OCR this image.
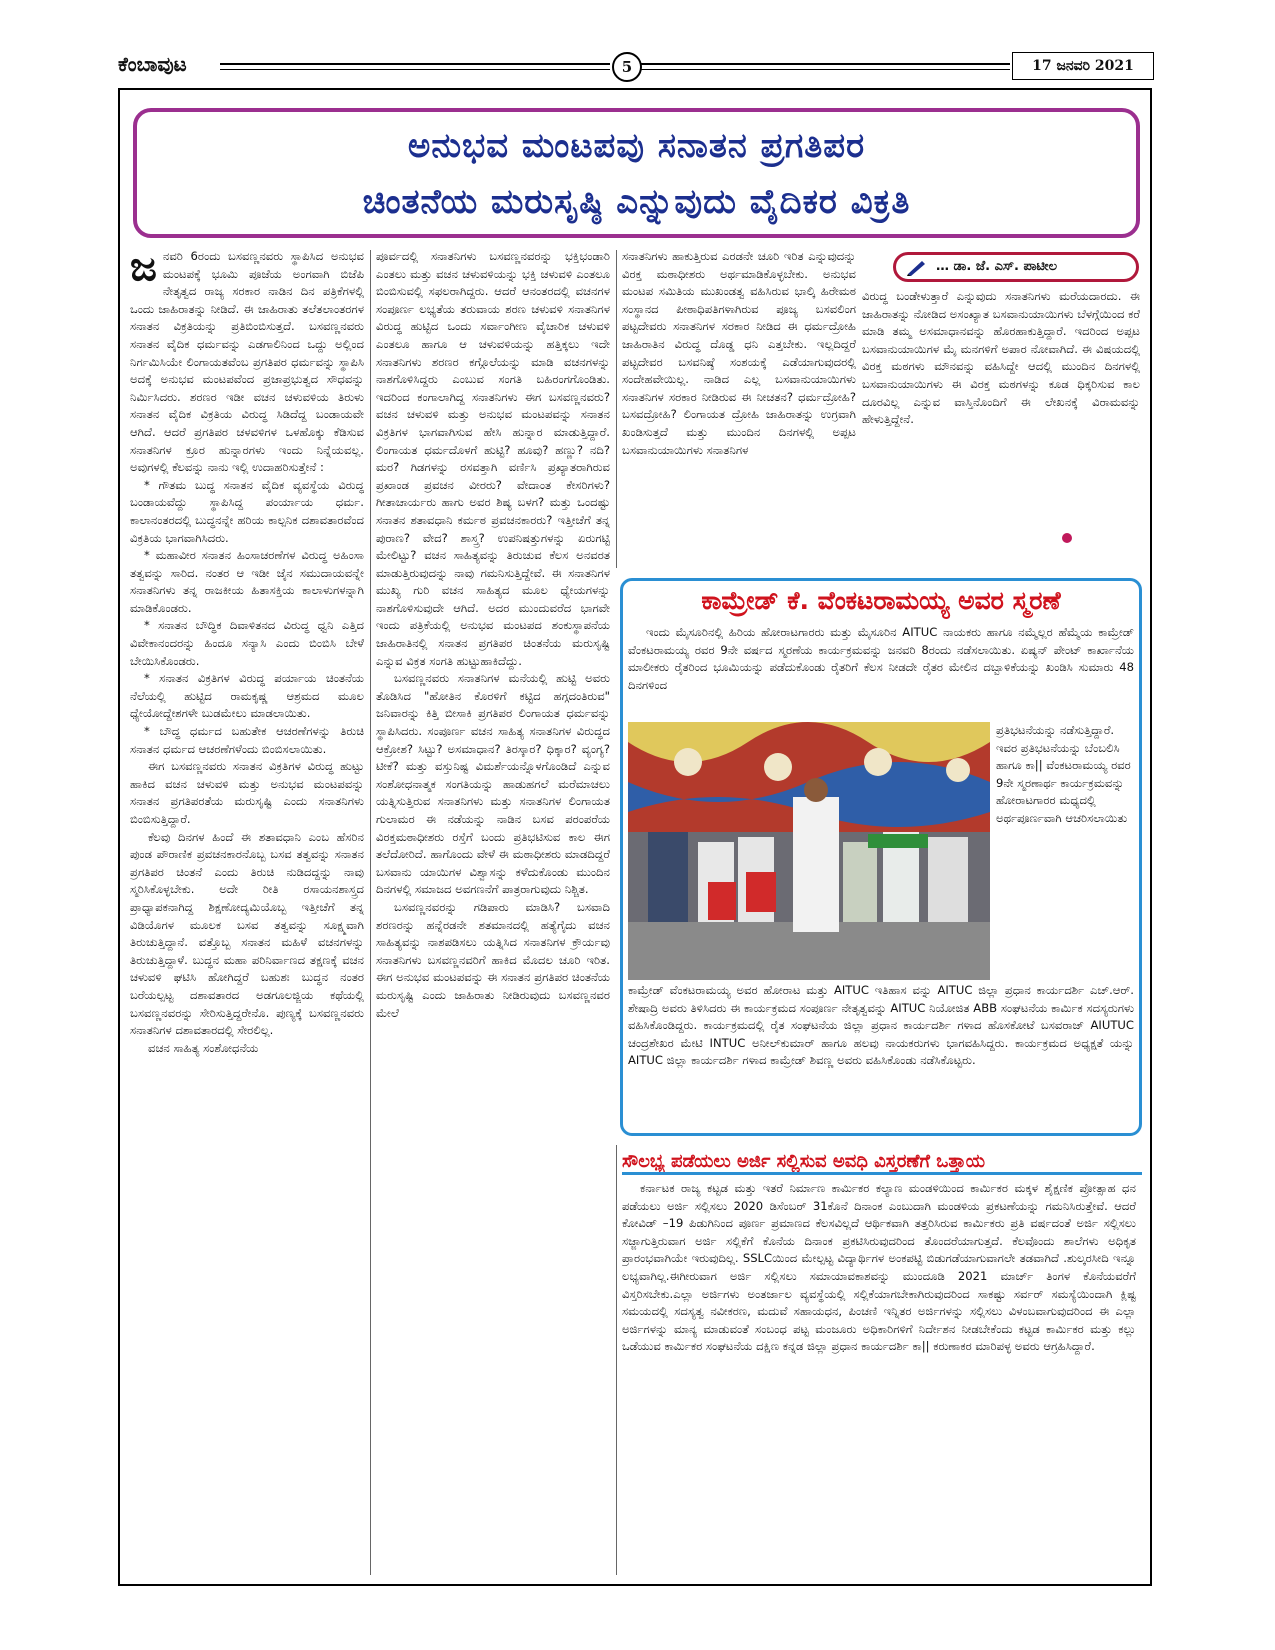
ಕೆಂಬಾವುಟ	5	17 ಜನವರಿ 2021
ಅನುಭವ ಮಂಟಪವು ಸನಾತನ ಪ್ರಗತಿಪರ
ಚಿಂತನೆಯ ಮರುಸೃಷ್ಠಿ ಎನ್ನುವುದು ವೈದಿಕರ ವಿಕ್ರತಿ
ಜ ನವರಿ 6ರಂದು ಬಸವಣ್ಣನವರು ಸ್ಥಾಪಿಸಿದ ಅನುಭವ ಮಂಟಪಕ್ಕೆ ಭೂಮಿ ಪೂಜೆಯ ಅಂಗವಾಗಿ ಬಿಜೆಪಿ ನೇತೃತ್ವದ ರಾಜ್ಯ ಸರಕಾರ ನಾಡಿನ ದಿನ ಪತ್ರಿಕೆಗಳಲ್ಲಿ ಒಂದು ಜಾಹಿರಾತನ್ನು ನೀಡಿದೆ. ಈ ಜಾಹಿರಾತು ತಲೆತಲಾಂತರಗಳ ಸನಾತನ ವಿಕ್ರತಿಯನ್ನು ಪ್ರತಿಬಿಂಬಿಸುತ್ತದೆ. ಬಸವಣ್ಣನವರು ಸನಾತನ ವೈದಿಕ ಧರ್ಮವನ್ನು ಎಡಗಾಲಿನಿಂದ ಒದ್ದು ಅಲ್ಲಿಂದ ನಿರ್ಗಮಿಸಿಯೇ ಲಿಂಗಾಯತವೆಂಬ ಪ್ರಗತಿಪರ ಧರ್ಮವನ್ನು ಸ್ಥಾಪಿಸಿ ಅದಕ್ಕೆ ಅನುಭವ ಮಂಟಪವೆಂದ ಪ್ರಜಾಪ್ರಭುತ್ವದ ಸೌಧವನ್ನು ನಿರ್ಮಿಸಿದರು. ಶರಣರ ಇಡೀ ವಚನ ಚಳುವಳಿಯ ತಿರುಳು ಸನಾತನ ವೈದಿಕ ವಿಕ್ರತಿಯ ವಿರುದ್ಧ ಸಿಡಿದೆದ್ದ ಬಂಡಾಯವೇ ಆಗಿದೆ. ಆದರೆ ಪ್ರಗತಿಪರ ಚಳವಳಿಗಳ ಒಳಹೊಕ್ಕು ಕೆಡಿಸುವ ಸನಾತನಿಗಳ ಕ್ರೂರ ಹುನ್ನಾರಗಳು ಇಂದು ನಿನ್ನೆಯವಲ್ಲ. ಅವುಗಳಲ್ಲಿ ಕೆಲವನ್ನು ನಾನು ಇಲ್ಲಿ ಉದಾಹರಿಸುತ್ತೇನೆ :

* ಗೌತಮ ಬುದ್ಧ ಸನಾತನ ವೈದಿಕ ವ್ಯವಸ್ಥೆಯ ವಿರುದ್ಧ ಬಂಡಾಯವೆದ್ದು ಸ್ಥಾಪಿಸಿದ್ದ ಪಂರ್ಯಾಯ ಧರ್ಮ. ಕಾಲಾನಂತರದಲ್ಲಿ ಬುದ್ಧನನ್ನೇ ಹರಿಯ ಕಾಲ್ಪನಿಕ ದಶಾವತಾರವೆಂದ ವಿಕ್ರತಿಯ ಭಾಗವಾಗಿಸಿದರು.

* ಮಹಾವೀರ ಸನಾತನ ಹಿಂಸಾಚರಣೆಗಳ ವಿರುದ್ಧ ಅಹಿಂಸಾ ತತ್ವವನ್ನು ಸಾರಿದ. ನಂತರ ಆ ಇಡೀ ಜೈನ ಸಮುದಾಯವನ್ನೇ ಸನಾತನಿಗಳು ತನ್ನ ರಾಜಕೀಯ ಹಿತಾಸಕ್ತಿಯ ಕಾಲಾಳುಗಳನ್ನಾಗಿ ಮಾಡಿಕೊಂಡರು.

* ಸನಾತನ ಬೌದ್ಧಿಕ ದಿವಾಳಿತನದ ವಿರುದ್ಧ ಧ್ವನಿ ಎತ್ತಿದ ವಿವೇಕಾನಂದರನ್ನು ಹಿಂದೂ ಸನ್ಯಾಸಿ ಎಂದು ಬಿಂಬಿಸಿ ಬೇಳೆ ಬೇಯಿಸಿಕೊಂಡರು.

* ಸನಾತನ ವಿಕ್ರತಿಗಳ ವಿರುದ್ಧ ಪರ್ಯಾಯ ಚಿಂತನೆಯ ನೆಲೆಯಲ್ಲಿ ಹುಟ್ಟಿದ ರಾಮಕೃಷ್ಣ ಆಶ್ರಮದ ಮೂಲ ಧ್ಯೇಯೋದ್ದೇಶಗಳೇ ಬುಡಮೇಲು ಮಾಡಲಾಯಿತು.

* ಬೌದ್ಧ ಧರ್ಮದ ಬಹುತೇಕ ಆಚರಣೆಗಳನ್ನು ತಿರುಚಿ ಸನಾತನ ಧರ್ಮದ ಆಚರಣೆಗಳೆಂದು ಬಿಂಬಿಸಲಾಯಿತು.

ಈಗ ಬಸವಣ್ಣನವರು ಸನಾತನ ವಿಕ್ರತಿಗಳ ವಿರುದ್ಧ ಹುಟ್ಟು ಹಾಕಿದ ವಚನ ಚಳುವಳಿ ಮತ್ತು ಅನುಭವ ಮಂಟಪವನ್ನು ಸನಾತನ ಪ್ರಗತಿಪರತೆಯ ಮರುಸೃಷ್ಟಿ ಎಂದು ಸನಾತನಿಗಳು ಬಿಂಬಿಸುತ್ತಿದ್ದಾರೆ.

ಕೆಲವು ದಿನಗಳ ಹಿಂದೆ ಈ ಶತಾವಧಾನಿ ಎಂಬ ಹೆಸರಿನ ಪುಂಡ ಪೌರಾಣಿಕ ಪ್ರವಚನಕಾರನೊಬ್ಬ ಬಸವ ತತ್ವವನ್ನು ಸನಾತನ ಪ್ರಗತಿಪರ ಚಿಂತನೆ ಎಂದು ತಿರುಚಿ ನುಡಿದದ್ದನ್ನು ನಾವು ಸ್ಮರಿಸಿಕೊಳ್ಳಬೇಕು. ಅದೇ ರೀತಿ ರಸಾಯನಶಾಸ್ತ್ರದ ಪ್ರಾಧ್ಯಾಪಕನಾಗಿದ್ದ ಶಿಕ್ಷಣೋದ್ಯಮಿಯೊಬ್ಬ ಇತ್ತೀಚೆಗೆ ತನ್ನ ವಿಡಿಯೊಗಳ ಮೂಲಕ ಬಸವ ತತ್ವವನ್ನು ಸೂಕ್ಷ್ಮವಾಗಿ ತಿರುಚುತ್ತಿದ್ದಾನೆ. ವತ್ತೊಬ್ಬ ಸನಾತನ ಮಹಿಳೆ ವಚನಗಳನ್ನು ತಿರುಚುತ್ತಿದ್ದಾಳೆ. ಬುದ್ಧನ ಮಹಾ ಪರಿನಿರ್ವಾಣದ ತಕ್ಷಣಕ್ಕೆ ವಚನ ಚಳುವಳಿ ಘಟಿಸಿ ಹೋಗಿದ್ದರೆ ಬಹುಶಃ ಬುದ್ಧನ ನಂತರ ಬರೆಯಲ್ಪಟ್ಟ ದಶಾವತಾರದ ಅಡಗೂಲಜ್ಜಿಯ ಕಥೆಯಲ್ಲಿ ಬಸವಣ್ಣನವರನ್ನು ಸೇರಿಸುತ್ತಿದ್ದರೇನೊ. ಪುಣ್ಯಕ್ಕೆ ಬಸವಣ್ಣನವರು ಸನಾತನಿಗಳ ದಶಾವತಾರದಲ್ಲಿ ಸೇರಲಿಲ್ಲ.

ವಚನ ಸಾಹಿತ್ಯ ಸಂಶೋಧನೆಯ

ಪೂರ್ವದಲ್ಲಿ ಸನಾತನಿಗಳು ಬಸವಣ್ಣನವರನ್ನು ಭಕ್ತಿಭಂಡಾರಿ ಎಂತಲು ಮತ್ತು ವಚನ ಚಳುವಳಿಯನ್ನು ಭಕ್ತಿ ಚಳುವಳಿ ಎಂತಲೂ ಬಿಂಬಿಸುವಲ್ಲಿ ಸಫಲರಾಗಿದ್ದರು. ಆದರೆ ಆನಂತರದಲ್ಲಿ ವಚನಗಳ ಸಂಪೂರ್ಣ ಲಭ್ಯತೆಯ ತರುವಾಯ ಶರಣ ಚಳುವಳಿ ಸನಾತನಿಗಳ ವಿರುದ್ಧ ಹುಟ್ಟಿದ ಒಂದು ಸರ್ವಾಂಗೀಣ ವೈಚಾರಿಕ ಚಳುವಳಿ ಎಂತಲೂ ಹಾಗೂ ಆ ಚಳುವಳಿಯನ್ನು ಹತ್ತಿಕ್ಕಲು ಇದೇ ಸನಾತನಿಗಳು ಶರಣರ ಕಗ್ಗೊಲೆಯನ್ನು ಮಾಡಿ ವಚನಗಳನ್ನು ನಾಶಗೊಳಿಸಿದ್ದರು ಎಂಬುವ ಸಂಗತಿ ಬಹಿರಂಗಗೊಂಡಿತು. ಇದರಿಂದ ಕಂಗಾಲಾಗಿದ್ದ ಸನಾತನಿಗಳು ಈಗ ಬಸವಣ್ಣನವರು? ವಚನ ಚಳುವಳಿ ಮತ್ತು ಅನುಭವ ಮಂಟಪವನ್ನು ಸನಾತನ ವಿಕ್ರತಿಗಳ ಭಾಗವಾಗಿಸುವ ಹೇಸಿ ಹುನ್ನಾರ ಮಾಡುತ್ತಿದ್ದಾರೆ. ಲಿಂಗಾಯತ ಧರ್ಮದೊಳಗೆ ಹುಟ್ಟಿ? ಹೂವು? ಹಣ್ಣು? ನದಿ? ಮರ? ಗಿಡಗಳನ್ನು ರಸವತ್ತಾಗಿ ವರ್ಣಿಸಿ ಪ್ರಖ್ಯಾತರಾಗಿರುವ ಪ್ರಖಾಂಡ ಪ್ರವಚನ ವೀರರು? ವೇದಾಂತ ಕೇಸರಿಗಳು? ಗೀತಾಚಾರ್ಯರು ಹಾಗು ಅವರ ಶಿಷ್ಯ ಬಳಗ? ಮತ್ತು ಒಂದಷ್ಟು ಸನಾತನ ಶತಾವಧಾನಿ ಕರ್ಮಠ ಪ್ರವಚನಕಾರರು? ಇತ್ತೀಚೆಗೆ ತನ್ನ ಪುರಾಣ? ವೇದ? ಶಾಸ್ತ್ರ? ಉಪನಿಷತ್ತುಗಳನ್ನು ಏರುಗಟ್ಟಿ ಮೇಲಿಟ್ಟು? ವಚನ ಸಾಹಿತ್ಯವನ್ನು ತಿರುಚುವ ಕೆಲಸ ಅನವರತ ಮಾಡುತ್ತಿರುವುದನ್ನು ನಾವು ಗಮನಿಸುತ್ತಿದ್ದೇವೆ. ಈ ಸನಾತನಿಗಳ ಮುಖ್ಯ ಗುರಿ ವಚನ ಸಾಹಿತ್ಯದ ಮೂಲ ಧ್ಯೇಯಗಳನ್ನು ನಾಶಗೊಳಿಸುವುದೇ ಆಗಿದೆ. ಅದರ ಮುಂದುವರೆದ ಭಾಗವೇ ಇಂದು ಪತ್ರಿಕೆಯಲ್ಲಿ ಅನುಭವ ಮಂಟಪದ ಶಂಕುಸ್ಥಾಪನೆಯ ಜಾಹಿರಾತಿನಲ್ಲಿ ಸನಾತನ ಪ್ರಗತಿಪರ ಚಿಂತನೆಯ ಮರುಸೃಷ್ಟಿ ಎನ್ನುವ ವಿಕ್ರತ ಸಂಗತಿ ಹುಟ್ಟುಹಾಕಿದೆದ್ದು.

ಬಸವಣ್ಣನವರು ಸನಾತನಿಗಳ ಮನೆಯಲ್ಲಿ ಹುಟ್ಟಿ ಅವರು ತೊಡಿಸಿದ "ಹೋತಿನ ಕೊರಳಿಗೆ ಕಟ್ಟಿದ ಹಗ್ಗದಂತಿರುವ" ಜನಿವಾರನ್ನು ಕಿತ್ತಿ ಬೀಸಾಕಿ ಪ್ರಗತಿಪರ ಲಿಂಗಾಯತ ಧರ್ಮವನ್ನು ಸ್ಥಾಪಿಸಿದರು. ಸಂಪೂರ್ಣ ವಚನ ಸಾಹಿತ್ಯ ಸನಾತನಿಗಳ ವಿರುದ್ಧದ ಆಕ್ರೋಶ? ಸಿಟ್ಟು? ಅಸಮಾಧಾನ? ತಿರಸ್ಕಾರ? ಧಿಕ್ಕಾರ? ವ್ಯಂಗ್ಯ? ಟೀಕೆ? ಮತ್ತು ವಸ್ತುನಿಷ್ಟ ವಿಮರ್ಶೆಯನ್ನೊಳಗೊಂಡಿದೆ ಎನ್ನುವ ಸಂಶೋಧನಾತ್ಮಕ ಸಂಗತಿಯನ್ನು ಹಾಡುಹಗಲೆ ಮರೆಮಾಚಲು ಯತ್ನಿಸುತ್ತಿರುವ ಸನಾತನಿಗಳು ಮತ್ತು ಸನಾತನಿಗಳ ಲಿಂಗಾಯತ ಗುಲಾಮರ ಈ ನಡೆಯನ್ನು ನಾಡಿನ ಬಸವ ಪರಂಪರೆಯ ವಿರಕ್ತಮಠಾಧೀಶರು ರಸ್ತೆಗೆ ಬಂದು ಪ್ರತಿಭಟಿಸುವ ಕಾಲ ಈಗ ತಲೆದೋರಿದೆ. ಹಾಗೊಂದು ವೇಳೆ ಈ ಮಠಾಧೀಶರು ಮಾಡದಿದ್ದರೆ ಬಸವಾನು ಯಾಯಿಗಳ ವಿಶ್ವಾಸನ್ನು ಕಳೆದುಕೊಂಡು ಮುಂದಿನ ದಿನಗಳಲ್ಲಿ ಸಮಾಜದ ಅವಗಣನೆಗೆ ಪಾತ್ರರಾಗುವುದು ನಿಶ್ಚಿತ.

ಬಸವಣ್ಣನವರನ್ನು ಗಡಿಪಾರು ಮಾಡಿಸಿ? ಬಸವಾದಿ ಶರಣರನ್ನು ಹನ್ನೆರಡನೇ ಶತಮಾನದಲ್ಲಿ ಹತ್ಯೆಗೈದು ವಚನ ಸಾಹಿತ್ಯವನ್ನು ನಾಶಪಡಿಸಲು ಯತ್ನಿಸಿದ ಸನಾತನಿಗಳ ಕ್ರೌರ್ಯವು ಸನಾತನಿಗಳು ಬಸವಣ್ಣನವರಿಗೆ ಹಾಕಿದ ಮೊದಲ ಚೂರಿ ಇರಿತ. ಈಗ ಅನುಭವ ಮಂಟಪವನ್ನು ಈ ಸನಾತನ ಪ್ರಗತಿಪರ ಚಿಂತನೆಯ ಮರುಸೃಷ್ಟಿ ಎಂದು ಜಾಹಿರಾತು ನೀಡಿರುವುದು ಬಸವಣ್ಣನವರ ಮೇಲೆ

ಸನಾತನಿಗಳು ಹಾಕುತ್ತಿರುವ ಎರಡನೇ ಚೂರಿ ಇರಿತ ಎನ್ನುವುದನ್ನು ವಿರಕ್ತ ಮಠಾಧೀಶರು ಅರ್ಥಮಾಡಿಕೊಳ್ಳಬೇಕು. ಅನುಭವ ಮಂಟಪ ಸಮಿತಿಯ ಮುಖಂಡತ್ವ ವಹಿಸಿರುವ ಭಾಲ್ಕಿ ಹಿರೇಮಠ ಸಂಸ್ಥಾನದ ಪೀಠಾಧಿಪತಿಗಳಾಗಿರುವ ಪೂಜ್ಯ ಬಸವಲಿಂಗ ಪಟ್ಟದೇವರು ಸನಾತನಿಗಳ ಸರಕಾರ ನೀಡಿದ ಈ ಧರ್ಮದ್ರೋಹಿ ಜಾಹಿರಾತಿನ ವಿರುದ್ಧ ದೊಡ್ಡ ಧನಿ ಎತ್ತಬೇಕು. ಇಲ್ಲದಿದ್ದರೆ ಪಟ್ಟದೇವರ ಬಸವನಿಷ್ಠೆ ಸಂಶಯಕ್ಕೆ ಎಡೆಯಾಗುವುದರಲ್ಲಿ ಸಂದೇಹವೇಯಿಲ್ಲ. ನಾಡಿದ ಎಲ್ಲ ಬಸವಾನುಯಾಯಿಗಳು ಸನಾತನಿಗಳ ಸರಕಾರ ನೀಡಿರುವ ಈ ನೀಚತನ? ಧರ್ಮದ್ರೋಹಿ? ಬಸವದ್ರೋಹಿ? ಲಿಂಗಾಯತ ದ್ರೋಹಿ ಜಾಹಿರಾತನ್ನು ಉಗ್ರವಾಗಿ ಖಂಡಿಸುತ್ತದೆ ಮತ್ತು ಮುಂದಿನ ದಿನಗಳಲ್ಲಿ ಅಪ್ಪಟ ಬಸವಾನುಯಾಯಿಗಳು ಸನಾತನಿಗಳ

… ಡಾ. ಜೆ. ಎಸ್. ಪಾಟೀಲ

ವಿರುದ್ಧ ಬಂಡೇಳುತ್ತಾರೆ ಎನ್ನುವುದು ಸನಾತನಿಗಳು ಮರೆಯದಾರದು. ಈ ಜಾಹಿರಾತನ್ನು ನೋಡಿದ ಅಸಂಖ್ಯಾತ ಬಸವಾನುಯಾಯಿಗಳು ಬೆಳಗ್ಗೆಯಿಂದ ಕರೆ ಮಾಡಿ ತಮ್ಮ ಅಸಮಾಧಾನವನ್ನು ಹೊರಹಾಕುತ್ತಿದ್ದಾರೆ. ಇದರಿಂದ ಅಪ್ಪಟ ಬಸವಾನುಯಾಯಿಗಳ ಮೈ ಮನಗಳಿಗೆ ಅಪಾರ ನೋವಾಗಿದೆ. ಈ ವಿಷಯದಲ್ಲಿ ವಿರಕ್ತ ಮಠಗಳು ಮೌನವನ್ನು ವಹಿಸಿದ್ದೇ ಆದಲ್ಲಿ ಮುಂದಿನ ದಿನಗಳಲ್ಲಿ ಬಸವಾನುಯಾಯಿಗಳು ಈ ವಿರಕ್ತ ಮಠಗಳನ್ನು ಕೂಡ ಧಿಕ್ಕರಿಸುವ ಕಾಲ ದೂರವಿಲ್ಲ ಎನ್ನುವ ವಾಸ್ತಿನೊಂದಿಗೆ ಈ ಲೇಖನಕ್ಕೆ ವಿರಾಮವನ್ನು ಹೇಳುತ್ತಿದ್ದೇನೆ.

ಕಾಮ್ರೇಡ್ ಕೆ. ವೆಂಕಟರಾಮಯ್ಯ ಅವರ ಸ್ಮರಣೆ

ಇಂದು ಮೈಸೂರಿನಲ್ಲಿ ಹಿರಿಯ ಹೋರಾಟಗಾರರು ಮತ್ತು ಮೈಸೂರಿನ AITUC ನಾಯಕರು ಹಾಗೂ ನಮ್ಮೆಲ್ಲರ ಹೆಮ್ಮೆಯ ಕಾಮ್ರೇಡ್ ವೆಂಕಟರಾಮಯ್ಯ ರವರ 9ನೇ ವರ್ಷದ ಸ್ಮರಣೆಯ ಕಾರ್ಯಕ್ರಮವನ್ನು ಜನವರಿ 8ರಂದು ನಡೆಸಲಾಯಿತು. ಏಷ್ಯನ್ ಪೇಂಟ್ ಕಾರ್ಖಾನೆಯ ಮಾಲೀಕರು ರೈತರಿಂದ ಭೂಮಿಯನ್ನು ಪಡೆದುಕೊಂಡು ರೈತರಿಗೆ ಕೆಲಸ ನೀಡದೇ ರೈತರ ಮೇಲಿನ ದಬ್ಬಾಳಿಕೆಯನ್ನು ಖಂಡಿಸಿ ಸುಮಾರು 48 ದಿನಗಳಿಂದ

ಪ್ರತಿಭಟನೆಯನ್ನು ನಡೆಸುತ್ತಿದ್ದಾರೆ. ಇವರ ಪ್ರತಿಭಟನೆಯನ್ನು ಬೆಂಬಲಿಸಿ ಹಾಗೂ ಕಾ|| ವೆಂಕಟರಾಮಯ್ಯ ರವರ 9ನೇ ಸ್ಮರಣಾರ್ಥ ಕಾರ್ಯಕ್ರಮವನ್ನು ಹೋರಾಟಗಾರರ ಮಧ್ಯದಲ್ಲಿ ಅರ್ಥಪೂರ್ಣವಾಗಿ ಆಚರಿಸಲಾಯಿತು

ಕಾಮ್ರೇಡ್ ವೆಂಕಟರಾಮಯ್ಯ ಅವರ ಹೋರಾಟ ಮತ್ತು AITUC ಇತಿಹಾಸ ವನ್ನು AITUC ಜಿಲ್ಲಾ ಪ್ರಧಾನ ಕಾರ್ಯದರ್ಶಿ ಎಚ್.ಆರ್. ಶೇಷಾದ್ರಿ ಅವರು ತಿಳಿಸಿದರು ಈ ಕಾರ್ಯಕ್ರಮದ ಸಂಪೂರ್ಣ ನೇತೃತ್ವವನ್ನು AITUC ನಿಯೋಜಿತ ABB ಸಂಘಟನೆಯ ಕಾರ್ಮಿಕ ಸದಸ್ಯರುಗಳು ವಹಿಸಿಕೊಂಡಿದ್ದರು. ಕಾರ್ಯಕ್ರಮದಲ್ಲಿ ರೈತ ಸಂಘಟನೆಯ ಜಿಲ್ಲಾ ಪ್ರಧಾನ ಕಾರ್ಯದರ್ಶಿ ಗಳಾದ ಹೊಸಕೋಟೆ ಬಸವರಾಜ್ AIUTUC ಚಂದ್ರಶೇಖರ ಮೇಟಿ INTUC ಅನೀಲ್‌ಕುಮಾರ್ ಹಾಗೂ ಹಲವು ನಾಯಕರುಗಳು ಭಾಗವಹಿಸಿದ್ದರು. ಕಾರ್ಯಕ್ರಮದ ಅಧ್ಯಕ್ಷತೆ ಯನ್ನು AITUC ಜಿಲ್ಲಾ ಕಾರ್ಯದರ್ಶಿ ಗಳಾದ ಕಾಮ್ರೇಡ್ ಶಿವಣ್ಣ ಅವರು ವಹಿಸಿಕೊಂಡು ನಡೆಸಿಕೊಟ್ಟರು.

ಸೌಲಭ್ಯ ಪಡೆಯಲು ಅರ್ಜಿ ಸಲ್ಲಿಸುವ ಅವಧಿ ವಿಸ್ತರಣೆಗೆ ಒತ್ತಾಯ

ಕರ್ನಾಟಕ ರಾಜ್ಯ ಕಟ್ಟಡ ಮತ್ತು ಇತರೆ ನಿರ್ಮಾಣ ಕಾರ್ಮಿಕರ ಕಲ್ಯಾಣ ಮಂಡಳಿಯಿಂದ ಕಾರ್ಮಿಕರ ಮಕ್ಕಳ ಶೈಕ್ಷಣಿಕ ಪ್ರೋತ್ಸಾಹ ಧನ ಪಡೆಯಲು ಅರ್ಜಿ ಸಲ್ಲಿಸಲು 2020 ಡಿಸೆಂಬರ್ 31ಕೊನೆ ದಿನಾಂಕ ಎಂಬುದಾಗಿ ಮಂಡಳಿಯ ಪ್ರಕಟಣೆಯನ್ನು ಗಮನಿಸಿರುತ್ತೇವೆ. ಆದರೆ ಕೋವಿಡ್ –19 ಪಿಡುಗಿನಿಂದ ಪೂರ್ಣ ಪ್ರಮಾಣದ ಕೆಲಸವಿಲ್ಲದೆ ಆರ್ಥಿಕವಾಗಿ ತತ್ತರಿಸಿರುವ ಕಾರ್ಮಿಕರು ಪ್ರತಿ ವರ್ಷದಂತೆ ಅರ್ಜಿ ಸಲ್ಲಿಸಲು ಸಜ್ಜಾಗುತ್ತಿರುವಾಗ ಅರ್ಜಿ ಸಲ್ಲಿಕೆಗೆ ಕೊನೆಯ ದಿನಾಂಕ ಪ್ರಕಟಿಸಿರುವುದರಿಂದ ತೊಂದರೆಯಾಗುತ್ತದೆ. ಕೆಲವೊಂದು ಶಾಲೆಗಳು ಅಧಿಕೃತ ಪ್ರಾರಂಭವಾಗಿಯೇ ಇರುವುದಿಲ್ಲ. SSLCಯಿಂದ ಮೇಲ್ಪಟ್ಟ ವಿದ್ಯಾರ್ಥಿಗಳ ಅಂಕಪಟ್ಟಿ ಬಿಡುಗಡೆಯಾಗುವಾಗಲೇ ತಡವಾಗಿದೆ .ಶುಲ್ಕರಸೀದಿ ಇನ್ನೂ ಲಭ್ಯವಾಗಿಲ್ಲ.ಈಗೀರುವಾಗ ಅರ್ಜಿ ಸಲ್ಲಿಸಲು ಸಮಾಯಾವಕಾಶವನ್ನು ಮುಂದೂಡಿ 2021 ಮಾರ್ಚ್ ತಿಂಗಳ ಕೊನೆಯವರೆಗೆ ವಿಸ್ತರಿಸಬೇಕು.ಎಲ್ಲಾ ಅರ್ಜಿಗಳು ಅಂತರ್ಜಾಲ ವ್ಯವಸ್ಥೆಯಲ್ಲಿ ಸಲ್ಲಿಕೆಯಾಗಬೇಕಾಗಿರುವುದರಿಂದ ಸಾಕಷ್ಟು ಸರ್ವರ್ ಸಮಸ್ಯೆಯಿಂದಾಗಿ ಕ್ಲಿಷ್ಟ ಸಮಯದಲ್ಲಿ ಸದಸ್ಯತ್ವ ನವೀಕರಣ, ಮದುವೆ ಸಹಾಯಧನ, ಪಿಂಚಣಿ ಇನ್ನಿತರ ಅರ್ಜಿಗಳನ್ನು ಸಲ್ಲಿಸಲು ವಿಳಂಬವಾಗುವುದರಿಂದ ಈ ಎಲ್ಲಾ ಅರ್ಜಿಗಳನ್ನು ಮಾನ್ಯ ಮಾಡುವಂತೆ ಸಂಬಂಧ ಪಟ್ಟ ಮಂಜೂರು ಅಧಿಕಾರಿಗಳಿಗೆ ನಿರ್ದೇಶನ ನೀಡಬೇಕೆಂದು ಕಟ್ಟಡ ಕಾರ್ಮಿಕರ ಮತ್ತು ಕಲ್ಲು ಒಡೆಯುವ ಕಾರ್ಮಿಕರ ಸಂಘಟನೆಯ ದಕ್ಷಿಣ ಕನ್ನಡ ಜಿಲ್ಲಾ ಪ್ರಧಾನ ಕಾರ್ಯದರ್ಶಿ ಕಾ|| ಕರುಣಾಕರ ಮಾರಿಪಳ್ಳ ಅವರು ಆಗ್ರಹಿಸಿದ್ದಾರೆ.
